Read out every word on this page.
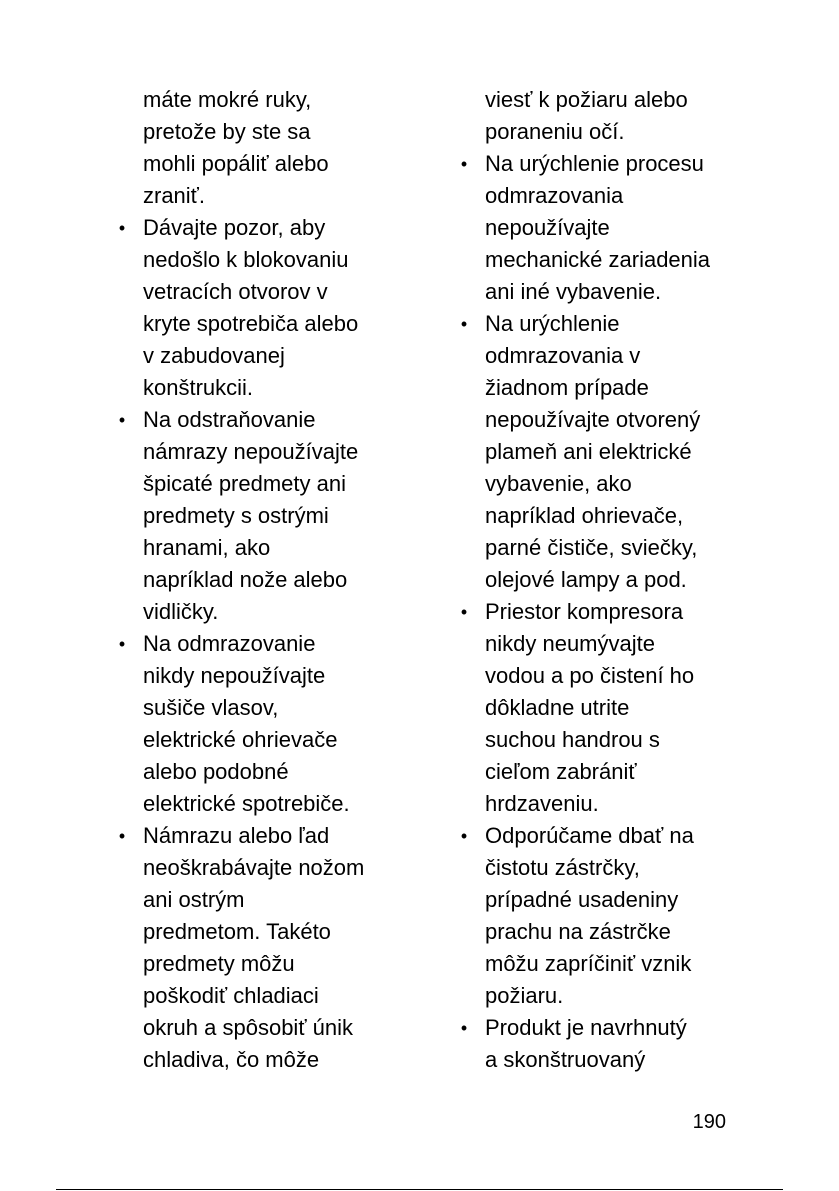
máte mokré ruky,
pretože by ste sa
mohli popáliť alebo
zraniť.

• Dávajte pozor, aby
nedošlo k blokovaniu
vetracích otvorov v
kryte spotrebiča alebo
v zabudovanej
konštrukcii.
• Na odstraňovanie
námrazy nepoužívajte
špicaté predmety ani
predmety s ostrými
hranami, ako
napríklad nože alebo
vidličky.
• Na odmrazovanie
nikdy nepoužívajte
sušiče vlasov,
elektrické ohrievače
alebo podobné
elektrické spotrebiče.
• Námrazu alebo ľad
neoškrabávajte nožom
ani ostrým
predmetom. Takéto
predmety môžu
poškodiť chladiaci
okruh a spôsobiť únik
chladiva, čo môže

viesť k požiaru alebo
poraneniu očí.

• Na urýchlenie procesu
odmrazovania
nepoužívajte
mechanické zariadenia
ani iné vybavenie.
• Na urýchlenie
odmrazovania v
žiadnom prípade
nepoužívajte otvorený
plameň ani elektrické
vybavenie, ako
napríklad ohrievače,
parné čističe, sviečky,
olejové lampy a pod.
• Priestor kompresora
nikdy neumývajte
vodou a po čistení ho
dôkladne utrite
suchou handrou s
cieľom zabrániť
hrdzaveniu.
• Odporúčame dbať na
čistotu zástrčky,
prípadné usadeniny
prachu na zástrčke
môžu zapríčiniť vznik
požiaru.
• Produkt je navrhnutý
a skonštruovaný
190
